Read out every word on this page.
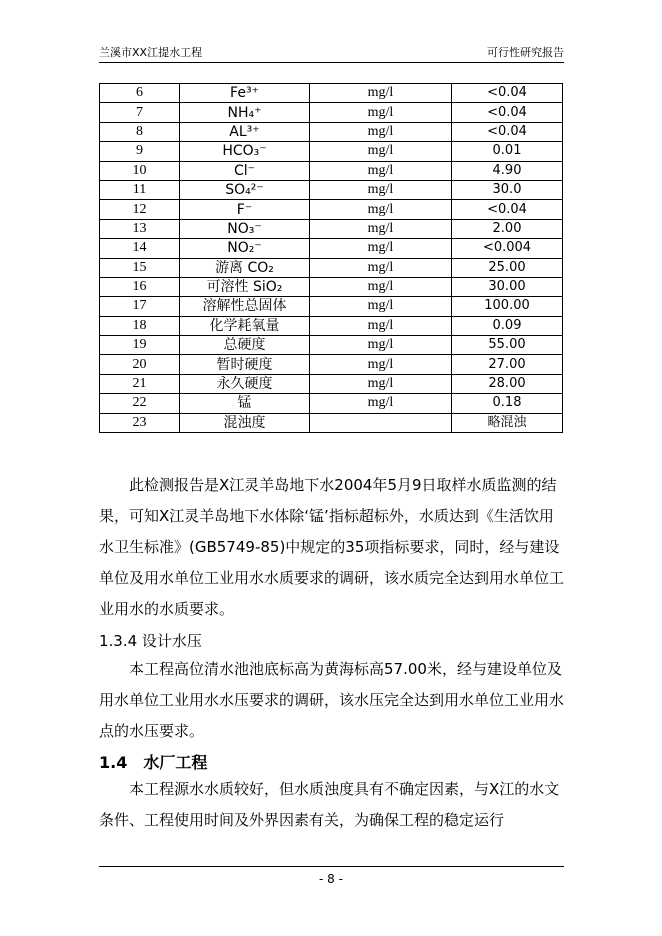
兰溪市XX江提水工程	可行性研究报告
6	Fe³⁺	mg/l	<0.04
7	NH₄⁺	mg/l	<0.04
8	AL³⁺	mg/l	<0.04
9	HCO₃⁻	mg/l	0.01
10	Cl⁻	mg/l	4.90
11	SO₄²⁻	mg/l	30.0
12	F⁻	mg/l	<0.04
13	NO₃⁻	mg/l	2.00
14	NO₂⁻	mg/l	<0.004
15	游离 CO₂	mg/l	25.00
16	可溶性 SiO₂	mg/l	30.00
17	溶解性总固体	mg/l	100.00
18	化学耗氧量	mg/l	0.09
19	总硬度	mg/l	55.00
20	暂时硬度	mg/l	27.00
21	永久硬度	mg/l	28.00
22	锰	mg/l	0.18
23	混浊度		略混浊
此检测报告是X江灵羊岛地下水2004年5月9日取样水质监测的结果，可知X江灵羊岛地下水体除‘锰’指标超标外，水质达到《生活饮用水卫生标准》(GB5749-85)中规定的35项指标要求，同时，经与建设单位及用水单位工业用水水质要求的调研，该水质完全达到用水单位工业用水的水质要求。
1.3.4 设计水压
本工程高位清水池池底标高为黄海标高57.00米，经与建设单位及用水单位工业用水水压要求的调研，该水压完全达到用水单位工业用水点的水压要求。
1.4　水厂工程
本工程源水水质较好，但水质浊度具有不确定因素，与X江的水文条件、工程使用时间及外界因素有关，为确保工程的稳定运行
- 8 -
